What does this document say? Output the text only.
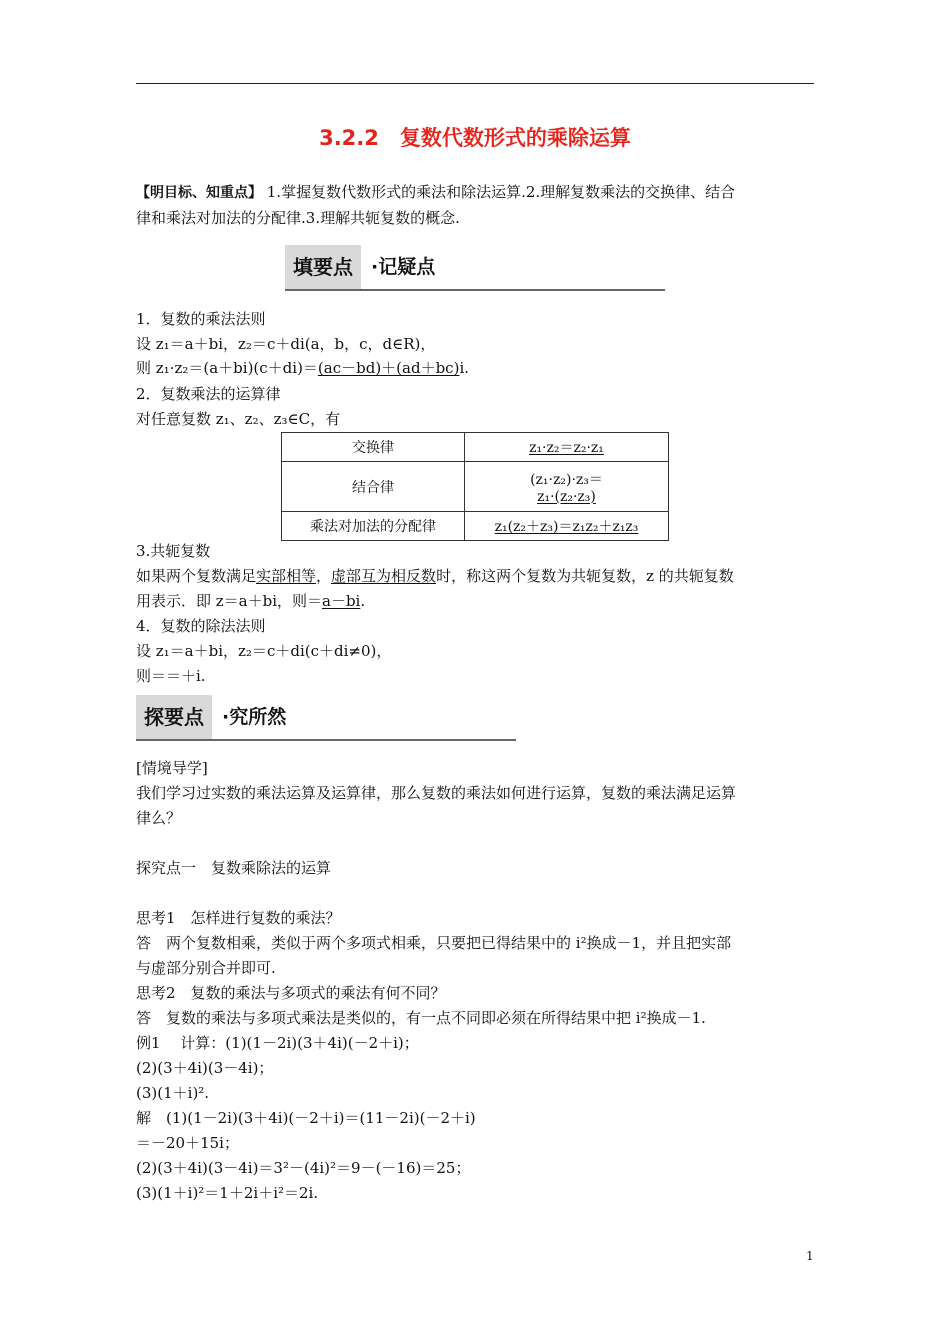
3.2.2　复数代数形式的乘除运算
【明目标、知重点】 1.掌握复数代数形式的乘法和除法运算.2.理解复数乘法的交换律、结合
律和乘法对加法的分配律.3.理解共轭复数的概念.
填要点 ·记疑点
1．复数的乘法法则
设 z₁＝a＋bi，z₂＝c＋di(a，b，c，d∈R)，
则 z₁·z₂＝(a＋bi)(c＋di)＝(ac－bd)＋(ad＋bc)i.
2．复数乘法的运算律
对任意复数 z₁、z₂、z₃∈C，有
交换律	z₁·z₂＝z₂·z₁
结合律	(z₁·z₂)·z₃＝
z₁·(z₂·z₃)

乘法对加法的分配律	z₁(z₂＋z₃)＝z₁z₂＋z₁z₃
3.共轭复数
如果两个复数满足实部相等，虚部互为相反数时，称这两个复数为共轭复数，z 的共轭复数
用表示．即 z＝a＋bi，则＝a－bi.
4．复数的除法法则
设 z₁＝a＋bi，z₂＝c＋di(c＋di≠0)，
则＝＝＋i.
探要点 ·究所然
[情境导学]
我们学习过实数的乘法运算及运算律，那么复数的乘法如何进行运算，复数的乘法满足运算
律么？
探究点一　复数乘除法的运算
思考1　怎样进行复数的乘法？
答　两个复数相乘，类似于两个多项式相乘，只要把已得结果中的 i²换成－1，并且把实部
与虚部分别合并即可.
思考2　复数的乘法与多项式的乘法有何不同？
答　复数的乘法与多项式乘法是类似的，有一点不同即必须在所得结果中把 i²换成－1.
例1　 计算：(1)(1－2i)(3＋4i)(－2＋i)；
(2)(3＋4i)(3－4i)；
(3)(1＋i)².
解　(1)(1－2i)(3＋4i)(－2＋i)＝(11－2i)(－2＋i)
＝－20＋15i；
(2)(3＋4i)(3－4i)＝3²－(4i)²＝9－(－16)＝25；
(3)(1＋i)²＝1＋2i＋i²＝2i.
1
